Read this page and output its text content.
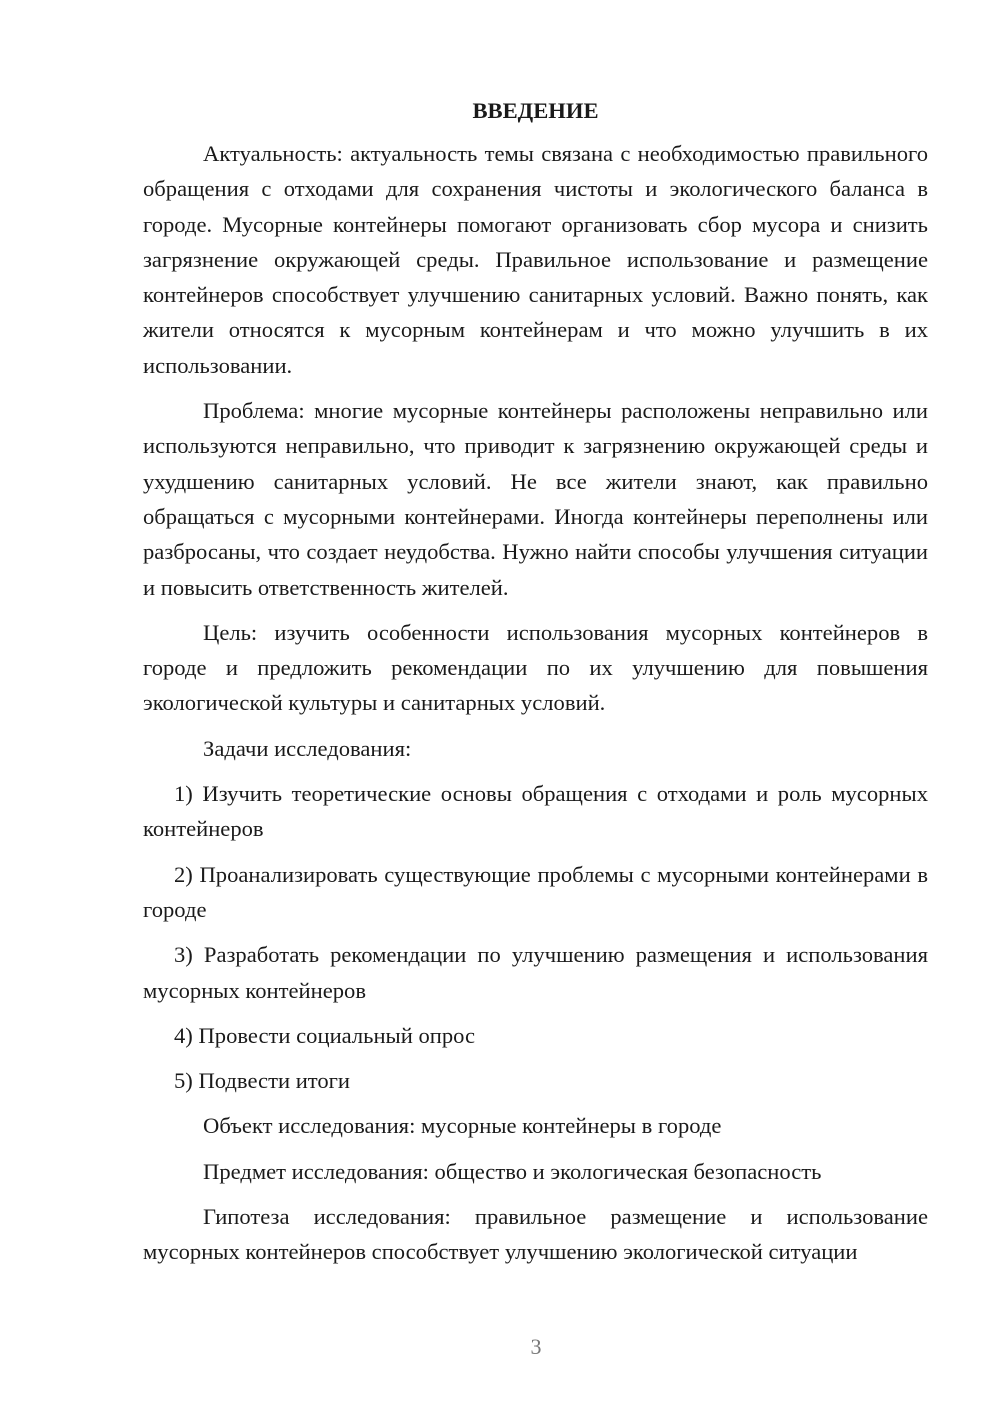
ВВЕДЕНИЕ
Актуальность: актуальность темы связана с необходимостью правильного обращения с отходами для сохранения чистоты и экологического баланса в городе. Мусорные контейнеры помогают организовать сбор мусора и снизить загрязнение окружающей среды. Правильное использование и размещение контейнеров способствует улучшению санитарных условий. Важно понять, как жители относятся к мусорным контейнерам и что можно улучшить в их использовании.
Проблема: многие мусорные контейнеры расположены неправильно или используются неправильно, что приводит к загрязнению окружающей среды и ухудшению санитарных условий. Не все жители знают, как правильно обращаться с мусорными контейнерами. Иногда контейнеры переполнены или разбросаны, что создает неудобства. Нужно найти способы улучшения ситуации и повысить ответственность жителей.
Цель: изучить особенности использования мусорных контейнеров в городе и предложить рекомендации по их улучшению для повышения экологической культуры и санитарных условий.
Задачи исследования:
1) Изучить теоретические основы обращения с отходами и роль мусорных контейнеров
2) Проанализировать существующие проблемы с мусорными контейнерами в городе
3) Разработать рекомендации по улучшению размещения и использования мусорных контейнеров
4) Провести социальный опрос
5) Подвести итоги
Объект исследования: мусорные контейнеры в городе
Предмет исследования: общество и экологическая безопасность
Гипотеза исследования: правильное размещение и использование мусорных контейнеров способствует улучшению экологической ситуации
3
